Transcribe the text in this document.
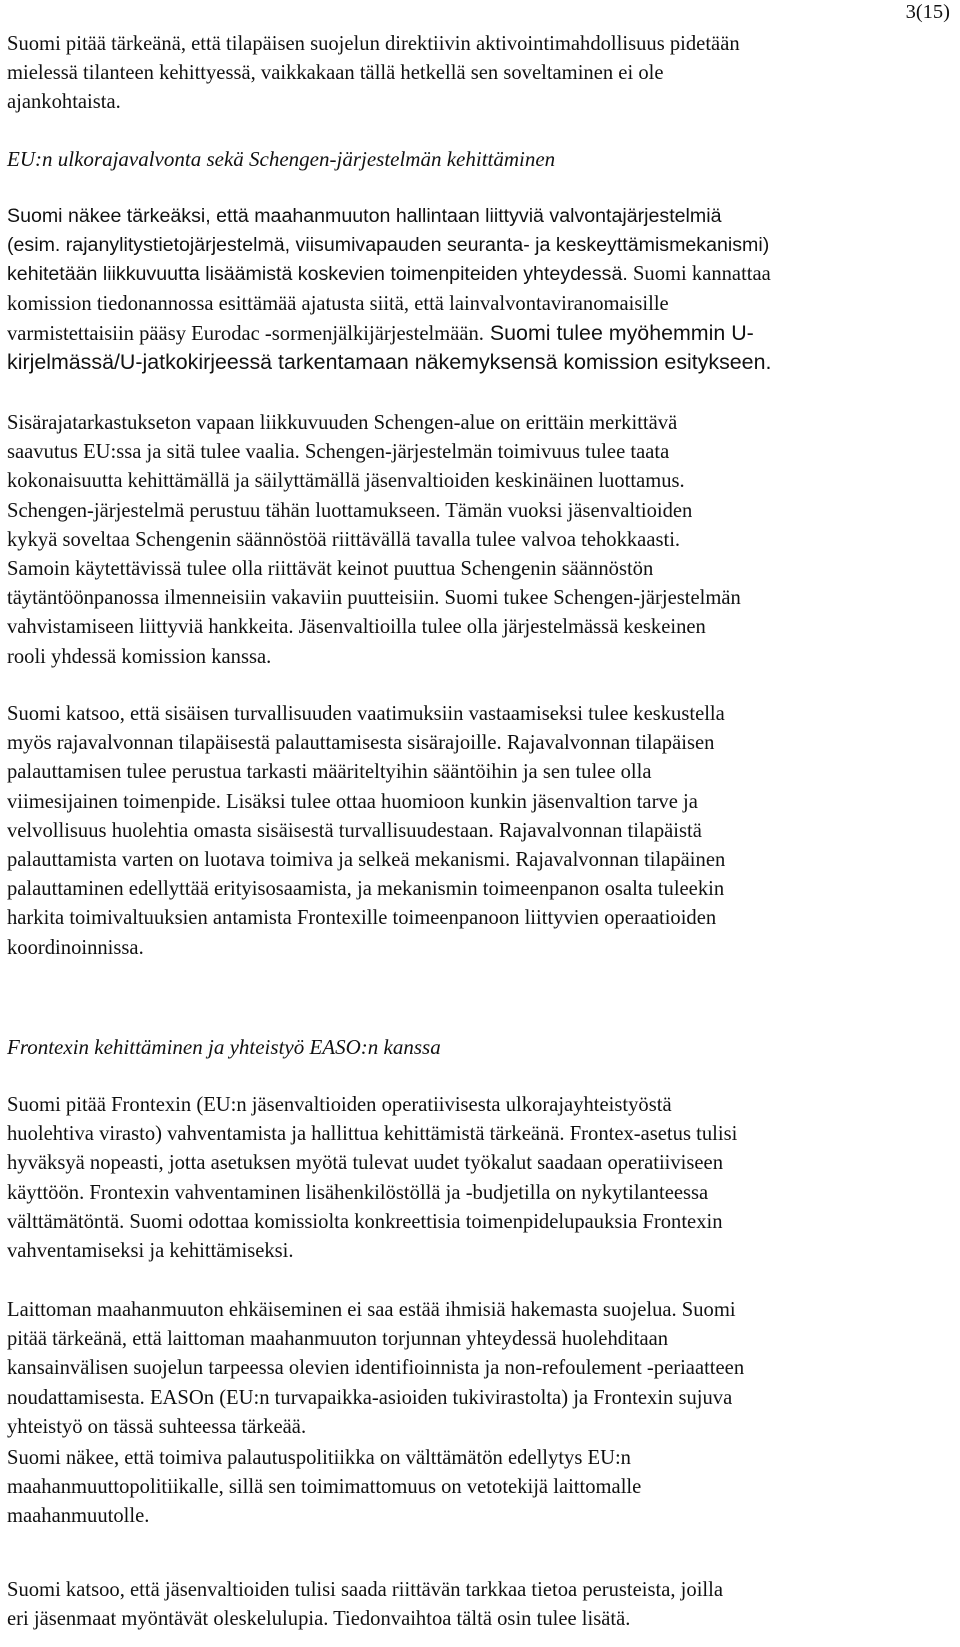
3(15)
Suomi pitää tärkeänä, että tilapäisen suojelun direktiivin aktivointimahdollisuus pidetään
mielessä tilanteen kehittyessä, vaikkakaan tällä hetkellä sen soveltaminen ei ole
ajankohtaista.
EU:n ulkorajavalvonta sekä Schengen-järjestelmän kehittäminen
Suomi näkee tärkeäksi, että maahanmuuton hallintaan liittyviä valvontajärjestelmiä
(esim. rajanylitystietojärjestelmä, viisumivapauden seuranta- ja keskeyttämismekanismi)
kehitetään liikkuvuutta lisäämistä koskevien toimenpiteiden yhteydessä. Suomi kannattaa
komission tiedonannossa esittämää ajatusta siitä, että lainvalvontaviranomaisille
varmistettaisiin pääsy Eurodac -sormenjälkijärjestelmään. Suomi tulee myöhemmin U-
kirjelmässä/U-jatkokirjeessä tarkentamaan näkemyksensä komission esitykseen.
Sisärajatarkastukseton vapaan liikkuvuuden Schengen-alue on erittäin merkittävä
saavutus EU:ssa ja sitä tulee vaalia. Schengen-järjestelmän toimivuus tulee taata
kokonaisuutta kehittämällä ja säilyttämällä jäsenvaltioiden keskinäinen luottamus.
Schengen-järjestelmä perustuu tähän luottamukseen. Tämän vuoksi jäsenvaltioiden
kykyä soveltaa Schengenin säännöstöä riittävällä tavalla tulee valvoa tehokkaasti.
Samoin käytettävissä tulee olla riittävät keinot puuttua Schengenin säännöstön
täytäntöönpanossa ilmenneisiin vakaviin puutteisiin. Suomi tukee Schengen-järjestelmän
vahvistamiseen liittyviä hankkeita. Jäsenvaltioilla tulee olla järjestelmässä keskeinen
rooli yhdessä komission kanssa.
Suomi katsoo, että sisäisen turvallisuuden vaatimuksiin vastaamiseksi tulee keskustella
myös rajavalvonnan tilapäisestä palauttamisesta sisärajoille. Rajavalvonnan tilapäisen
palauttamisen tulee perustua tarkasti määriteltyihin sääntöihin ja sen tulee olla
viimesijainen toimenpide. Lisäksi tulee ottaa huomioon kunkin jäsenvaltion tarve ja
velvollisuus huolehtia omasta sisäisestä turvallisuudestaan. Rajavalvonnan tilapäistä
palauttamista varten on luotava toimiva ja selkeä mekanismi. Rajavalvonnan tilapäinen
palauttaminen edellyttää erityisosaamista, ja mekanismin toimeenpanon osalta tuleekin
harkita toimivaltuuksien antamista Frontexille toimeenpanoon liittyvien operaatioiden
koordinoinnissa.
Frontexin kehittäminen ja yhteistyö EASO:n kanssa
Suomi pitää Frontexin (EU:n jäsenvaltioiden operatiivisesta ulkorajayhteistyöstä
huolehtiva virasto) vahventamista ja hallittua kehittämistä tärkeänä. Frontex-asetus tulisi
hyväksyä nopeasti, jotta asetuksen myötä tulevat uudet työkalut saadaan operatiiviseen
käyttöön. Frontexin vahventaminen lisähenkilöstöllä ja -budjetilla on nykytilanteessa
välttämätöntä. Suomi odottaa komissiolta konkreettisia toimenpidelupauksia Frontexin
vahventamiseksi ja kehittämiseksi.
Laittoman maahanmuuton ehkäiseminen ei saa estää ihmisiä hakemasta suojelua. Suomi
pitää tärkeänä, että laittoman maahanmuuton torjunnan yhteydessä huolehditaan
kansainvälisen suojelun tarpeessa olevien identifioinnista ja non-refoulement -periaatteen
noudattamisesta. EASOn (EU:n turvapaikka-asioiden tukivirastolta) ja Frontexin sujuva
yhteistyö on tässä suhteessa tärkeää.
Suomi näkee, että toimiva palautuspolitiikka on välttämätön edellytys EU:n
maahanmuuttopolitiikalle, sillä sen toimimattomuus on vetotekijä laittomalle
maahanmuutolle.
Suomi katsoo, että jäsenvaltioiden tulisi saada riittävän tarkkaa tietoa perusteista, joilla
eri jäsenmaat myöntävät oleskelulupia. Tiedonvaihtoa tältä osin tulee lisätä.
